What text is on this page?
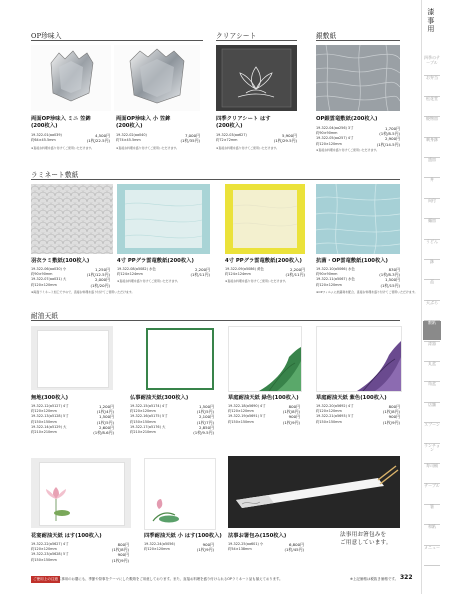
漆事用
四季のテーブル
お弁当
松花堂
焼物皿
刺身鉢
盛皿
丼
向付
麺皿
うどん
鉢
盃
天ぷら
敷紙
漆器
丸盆
角盆
店舗
スプーン
ランチョン
寿司桶
テーブル
箸
和紙
メニュー
OP珍味入	クリアシート	銀敷紙
ラミネート敷紙
耐油天紙
両面OP珍味入 ミニ 笠鉾
(200枚入)
19-322-01(aa039)
約64×45.5mm
4,500円
(1枚/22.5円)
※直接お料理を盛り付けてご使用いただけます。
両面OP珍味入 小 笠鉾
(200枚入)
19-322-02(aa040)
約74×45.5mm
7,000円
(1枚/35円)
※直接お料理を盛り付けてご使用いただけます。
四季クリアシート はす
(200枚入)
19-322-03(aa627)
約72×72mm
5,900円
(1枚/29.5円)
※直接お料理を盛り付けてご使用いただけます。
OP銀雲竜敷紙(200枚入)
19-322-04(aa256) 3寸
約90×90mm
19-322-05(aa257) 4寸
約120×120mm
1,700円
(1枚/8.5円)
2,900円
(1枚/14.5円)
※直接お料理を盛り付けてご使用いただけます。
羽衣ラミ敷紙(100枚入)
19-322-06(aa030) 小
約90×90mm
19-322-07(aa031) 大
約120×120mm
1,250円
(1枚/12.5円)
2,000円
(1枚/20円)
※両面ラミネート加工ですので、直接お料理を盛り付けてご使用いただけます。
4寸 PPグラ雲竜敷紙(200枚入)
19-322-08(a5082) 水色
約124×124mm
2,200円
(1枚/11円)
※直接お料理を盛り付けてご使用いただけます。
4寸 PPグラ雲竜敷紙(200枚入)
19-322-09(a5086) 黄色
約124×124mm
2,200円
(1枚/11円)
※直接お料理を盛り付けてご使用いただけます。
抗菌・OP雲竜敷紙(100枚入)
19-322-10(a5066) 水色
約90×90mm
19-322-11(a5067) 水色
約120×120mm
830円
(1枚/8.3円)
1,500円
(1枚/15円)
※OPフィルムに抗菌剤を配合、直接お料理を盛り付けてご使用いただけます。
無地(300枚入)
19-322-12(a5127) 4寸
約120×120mm
19-322-13(a5128) 5寸
約150×150mm
19-322-14(a5129) 大
約210×210mm
1,200円
(1枚/4円)
1,500円
(1枚/5円)
2,600円
(1枚/8.6円)
仏事耐油天紙(300枚入)
19-322-15(a5174) 4寸
約120×120mm
19-322-16(a5175) 5寸
約150×150mm
19-322-17(a5176) 大
約210×210mm
1,500円
(1枚/5円)
2,100円
(1枚/7円)
2,850円
(1枚/9.5円)
草庭耐油天紙 緑色(100枚入)
19-322-18(a5690) 4寸
約120×120mm
19-322-19(a5691) 5寸
約150×150mm
800円
(1枚/8円)
900円
(1枚/9円)
草庭耐油天紙 紫色(100枚入)
19-322-20(a5692) 4寸
約120×120mm
19-322-21(a5693) 5寸
約150×150mm
800円
(1枚/8円)
900円
(1枚/9円)
花宴耐油天紙 はす(100枚入)
19-322-22(a5627) 4寸
約120×120mm
19-322-23(a5628) 5寸
約150×150mm
800円
(1枚/8円)
900円
(1枚/9円)
四季耐油天紙 小 はす(100枚入)
19-322-24(a5056)
約120×120mm
900円
(1枚/9円)
法事お箸包み(150枚入)
19-322-25(aa601) 小
約54×138mm
6,800円
(1枚/45円)
法事用お箸包みを
ご用意しています。
ご使用上の注意 仏事用のお膳にも、季節や祭事をテーマにした敷紙をご用意しております。また、直接お料理を盛り付けられるOPラミネート品も揃えております。	※上記価格は税抜き価格です。 322
